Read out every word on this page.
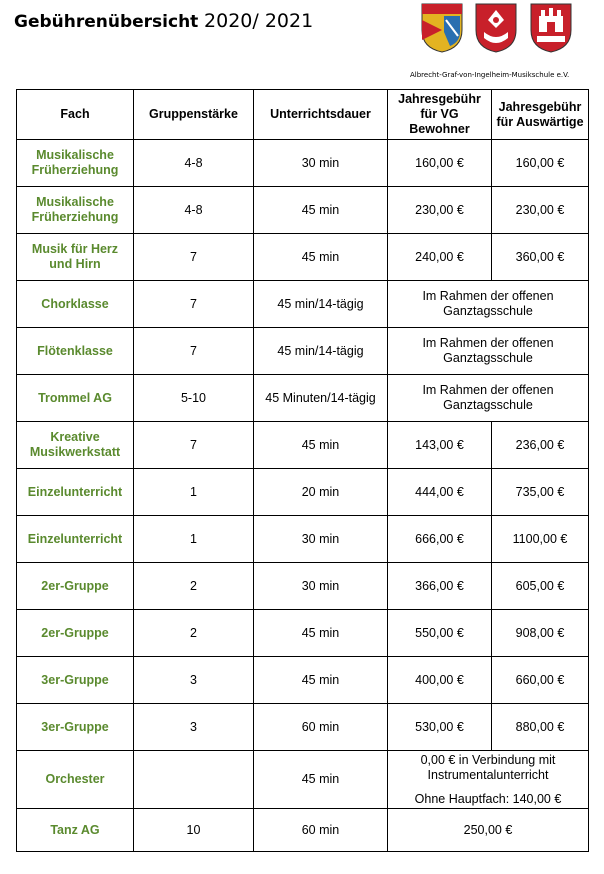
Gebührenübersicht 2020/ 2021
Albrecht-Graf-von-Ingelheim-Musikschule e.V.
Fach	Gruppenstärke	Unterrichtsdauer	Jahresgebühr für VG Bewohner	Jahresgebühr für Auswärtige
Musikalische Früherziehung	4-8	30 min	160,00 €	160,00 €
Musikalische Früherziehung	4-8	45 min	230,00 €	230,00 €
Musik für Herz und Hirn	7	45 min	240,00 €	360,00 €
Chorklasse	7	45 min/14-tägig	Im Rahmen der offenen Ganztagsschule	
Flötenklasse	7	45 min/14-tägig	Im Rahmen der offenen Ganztagsschule	
Trommel AG	5-10	45 Minuten/14-tägig	Im Rahmen der offenen Ganztagsschule	
Kreative Musikwerkstatt	7	45 min	143,00 €	236,00 €
Einzelunterricht	1	20 min	444,00 €	735,00 €
Einzelunterricht	1	30 min	666,00 €	1100,00 €
2er-Gruppe	2	30 min	366,00 €	605,00 €
2er-Gruppe	2	45 min	550,00 €	908,00 €
3er-Gruppe	3	45 min	400,00 €	660,00 €
3er-Gruppe	3	60 min	530,00 €	880,00 €
Orchester		45 min	0,00 € in Verbindung mit Instrumentalunterricht
Ohne Hauptfach: 140,00 €	
Tanz AG	10	60 min	250,00 €	
